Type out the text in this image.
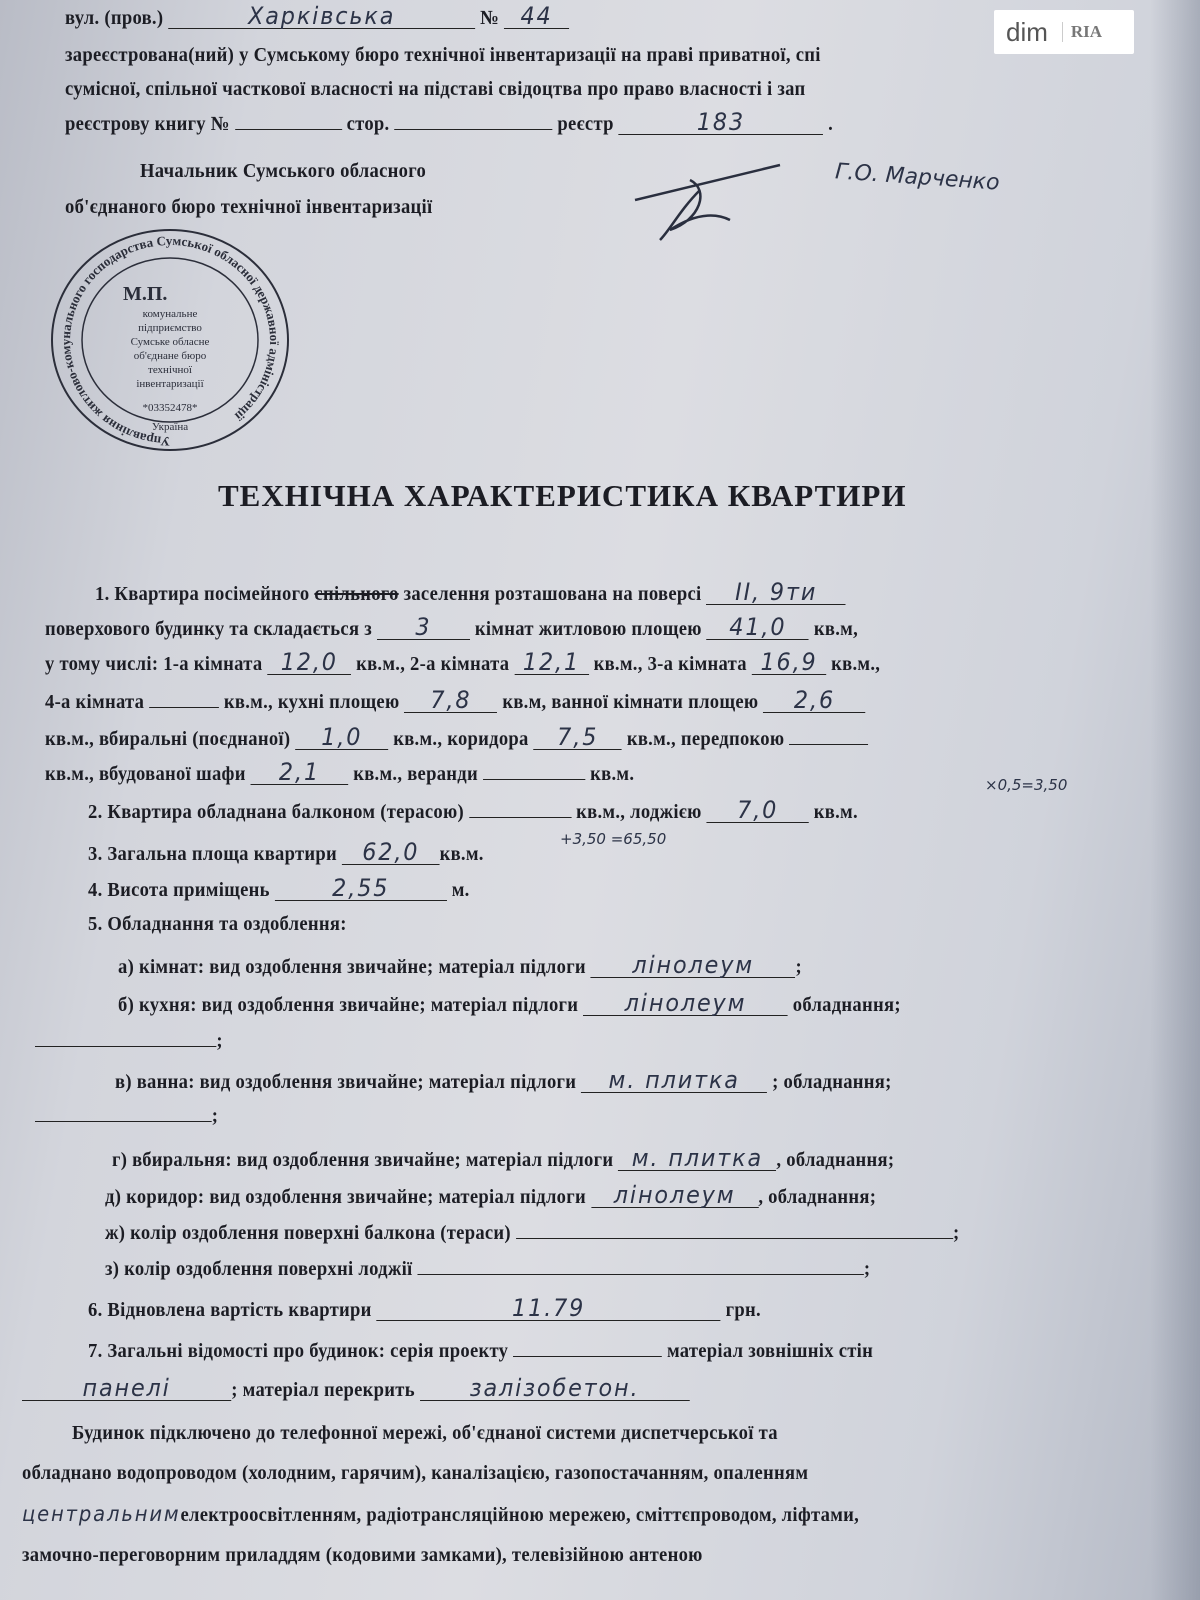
dim	RIA
вул. (пров.)	Харківська	№ 44
зареєстрована(ний) у Сумському бюро технічної інвентаризації на праві приватної, спі
сумісної, спільної часткової власності на підставі свідоцтва про право власності і зап
реєстрову книгу №	стор.	реєстр	183	.
Начальник Сумського обласного
об'єднаного бюро технічної інвентаризації
Г.О. Марченко
Управління житлово-комунального господарства Сумської обласної державної адміністрації
М.П.
комунальне
підприємство
Сумське обласне
об'єднане бюро
технічної
інвентаризації
*03352478*
Україна
ТЕХНІЧНА ХАРАКТЕРИСТИКА КВАРТИРИ
1. Квартира посімейного спільного заселення розташована на поверсі II, 9ти
поверхового будинку та складається з 3 кімнат житловою площею 41,0 кв.м,
у тому числі: 1-а кімната 12,0 кв.м., 2-а кімната 12,1 кв.м., 3-а кімната 16,9 кв.м.,
4-а кімната	кв.м., кухні площею 7,8 кв.м, ванної кімнати площею 2,6
кв.м., вбиральні (поєднаної) 1,0 кв.м., коридора 7,5 кв.м., передпокою
кв.м., вбудованої шафи 2,1 кв.м., веранди	кв.м.	×0,5=3,50
2. Квартира обладнана балконом (терасою)	кв.м., лоджією 7,0 кв.м.
+3,50 =65,50
3. Загальна площа квартири 62,0 кв.м.
4. Висота приміщень	2,55	м.
5. Обладнання та оздоблення:
а) кімнат: вид оздоблення звичайне; матеріал підлоги лінолеум ;
б) кухня: вид оздоблення звичайне; матеріал підлоги лінолеум обладнання;
;
в) ванна: вид оздоблення звичайне; матеріал підлоги м. плитка ; обладнання;
;
г) вбиральня: вид оздоблення звичайне; матеріал підлоги м. плитка , обладнання;
д) коридор: вид оздоблення звичайне; матеріал підлоги лінолеум , обладнання;
ж) колір оздоблення поверхні балкона (тераси)	;
з) колір оздоблення поверхні лоджії	;
6. Відновлена вартість квартири	11.79	грн.
7. Загальні відомості про будинок: серія проекту	матеріал зовнішніх стін
панелі	; матеріал перекрить залізобетон.
Будинок підключено до телефонної мережі, об'єднаної системи диспетчерської та
обладнано водопроводом (холодним, гарячим), каналізацією, газопостачанням, опаленням
центральнимелектроосвітленням, радіотрансляційною мережею, сміттєпроводом, ліфтами,
замочно-переговорним приладдям (кодовими замками), телевізійною антеною
